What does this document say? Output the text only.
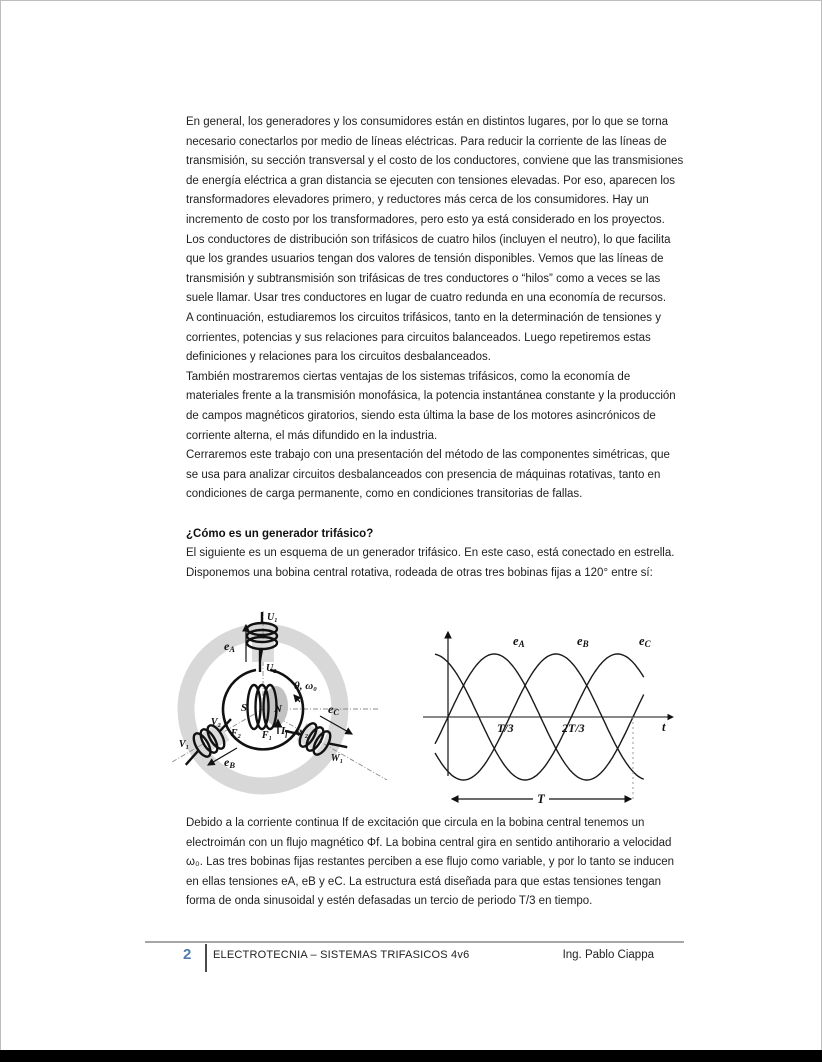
En general, los generadores y los consumidores están en distintos lugares, por lo que se torna necesario conectarlos por medio de líneas eléctricas. Para reducir la corriente de las líneas de transmisión, su sección transversal y el costo de los conductores, conviene que las transmisiones de energía eléctrica a gran distancia se ejecuten con tensiones elevadas. Por eso, aparecen los transformadores elevadores primero, y reductores más cerca de los consumidores. Hay un incremento de costo por los transformadores, pero esto ya está considerado en los proyectos.

Los conductores de distribución son trifásicos de cuatro hilos (incluyen el neutro), lo que facilita que los grandes usuarios tengan dos valores de tensión disponibles. Vemos que las líneas de transmisión y subtransmisión son trifásicas de tres conductores o “hilos” como a veces se las suele llamar. Usar tres conductores en lugar de cuatro redunda en una economía de recursos.

A continuación, estudiaremos los circuitos trifásicos, tanto en la determinación de tensiones y corrientes, potencias y sus relaciones para circuitos balanceados. Luego repetiremos estas definiciones y relaciones para los circuitos desbalanceados.

También mostraremos ciertas ventajas de los sistemas trifásicos, como la economía de materiales frente a la transmisión monofásica, la potencia instantánea constante y la producción de campos magnéticos giratorios, siendo esta última la base de los motores asincrónicos de corriente alterna, el más difundido en la industria.

Cerraremos este trabajo con una presentación del método de las componentes simétricas, que se usa para analizar circuitos desbalanceados con presencia de máquinas rotativas, tanto en condiciones de carga permanente, como en condiciones transitorias de fallas.

¿Cómo es un generador trifásico?

El siguiente es un esquema de un generador trifásico. En este caso, está conectado en estrella. Disponemos una bobina central rotativa, rodeada de otras tres bobinas fijas a 120° entre sí:

U₁
U₂
V₂
V₁
W₂
W₁
S N
F₂ F₁ If
θ, ω₀
eA
eB
eC
eA	eB	eC
T/3	2T/3	t
T

Debido a la corriente continua If de excitación que circula en la bobina central tenemos un electroimán con un flujo magnético Φf. La bobina central gira en sentido antihorario a velocidad ω₀. Las tres bobinas fijas restantes perciben a ese flujo como variable, y por lo tanto se inducen en ellas tensiones eA, eB y eC. La estructura está diseñada para que estas tensiones tengan forma de onda sinusoidal y estén defasadas un tercio de periodo T/3 en tiempo.

2 ELECTROTECNIA – SISTEMAS TRIFASICOS 4v6	Ing. Pablo Ciappa
